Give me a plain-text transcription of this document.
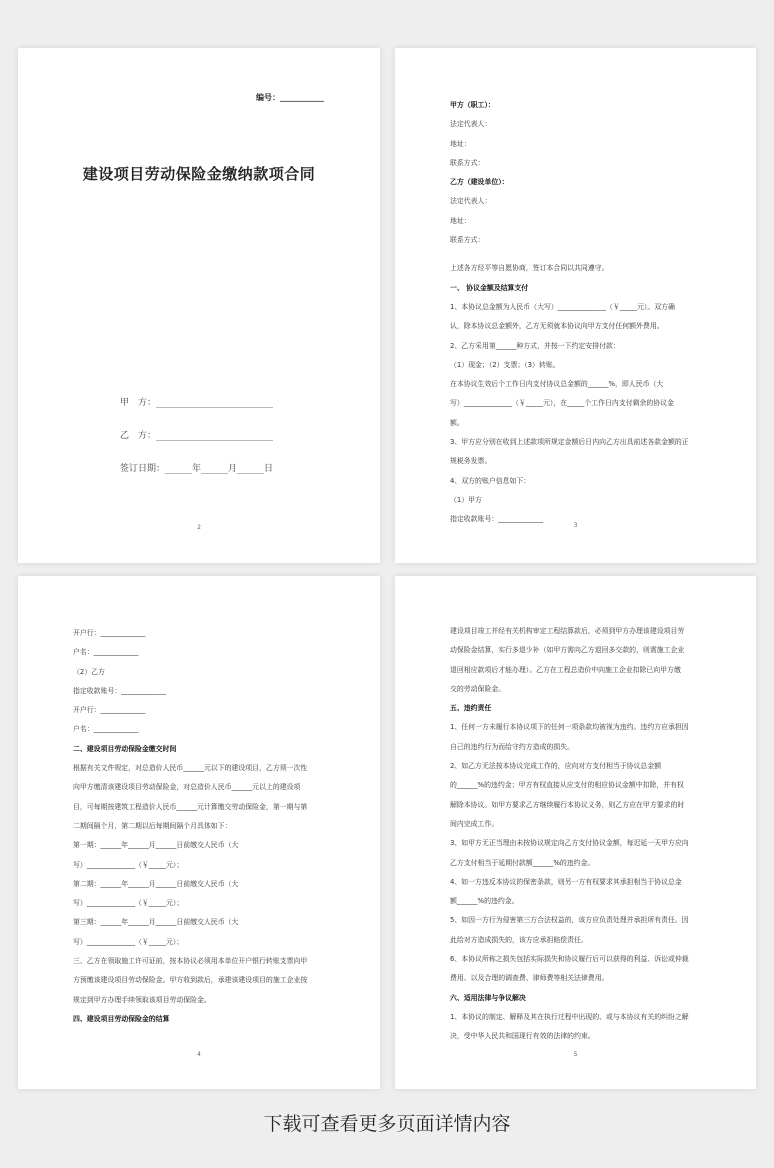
编号：___________
建设项目劳动保险金缴纳款项合同
甲　方：__________________________
乙　方：__________________________
签订日期：______年______月______日
2
甲方（职工）：
法定代表人：
地址：
联系方式：
乙方（建设单位）：
法定代表人：
地址：
联系方式：
上述各方经平等自愿协商，签订本合同以共同遵守。
一、 协议金额及结算支付
1、本协议总金额为人民币（大写）______________（￥_____元）。双方确
认，除本协议总金额外，乙方无须就本协议向甲方支付任何额外费用。
2、乙方采用第______种方式，并按一下约定安排付款：
（1）现金；（2）支票；（3）转账。
在本协议生效后个工作日内支付协议总金额的______%，即人民币（大
写）______________（￥_____元），在_____个工作日内支付剩余的协议金
额。
3、甲方应分别在收到上述款项所规定金额后日内向乙方出具前述各款金额的正
规税务发票。
4、双方的账户信息如下：
（1）甲方
指定收款账号：_____________
3
开户行：_____________
户名：_____________
（2）乙方
指定收款账号：_____________
开户行：_____________
户名：_____________
二、建设项目劳动保险金缴交时间
根据有关文件规定，对总造价人民币______元以下的建设项目，乙方须一次性
向甲方缴清该建设项目劳动保险金，对总造价人民币______元以上的建设项
目，可每期按建筑工程造价人民币______元计算缴交劳动保险金，第一期与第
二期间隔个月，第二期以后每期间隔个月具体如下：
第一期：______年______月______日前缴交人民币（大
写）______________（￥_____元）；
第二期：______年______月______日前缴交人民币（大
写）______________（￥_____元）；
第三期：______年______月______日前缴交人民币（大
写）______________（￥_____元）；
三、乙方在领取施工许可证前，按本协议必须用本单位开户银行转账支票向甲
方预缴该建设项目劳动保险金。甲方收到款后，承建该建设项目的施工企业按
规定到甲方办理手续领取该项目劳动保险金。
四、建设项目劳动保险金的结算
4
建设项目竣工并经有关机构审定工程结算款后，必须到甲方办理该建设项目劳
动保险金结算，实行多退少补（如甲方需向乙方退回多交款的，则需施工企业
退回相应款项后才能办理）。乙方在工程总造价中向施工企业扣除已向甲方缴
交的劳动保险金。
五、违约责任
1、任何一方未履行本协议项下的任何一项条款均被视为违约。违约方应承担因
自己的违约行为而给守约方造成的损失。
2、如乙方无法按本协议完成工作的，应向对方支付相当于协议总金额
的______%的违约金；甲方有权直接从应支付的相应协议金额中扣除，并有权
解除本协议。如甲方要求乙方继续履行本协议义务，则乙方应在甲方要求的时
间内完成工作。
3、如甲方无正当理由未按协议规定向乙方支付协议金额，每迟延一天甲方应向
乙方支付相当于延期付款额______%的违约金。
4、如一方违反本协议的保密条款，则另一方有权要求其承担相当于协议总金
额______%的违约金。
5、如因一方行为侵害第三方合法权益的，该方应负责处理并承担所有责任。因
此给对方造成损失的，该方应承担赔偿责任。
6、本协议所称之损失包括实际损失和协议履行后可以获得的利益、诉讼或仲裁
费用、以及合理的调查费、律师费等相关法律费用。
六、适用法律与争议解决
1、本协议的制定、解释及其在执行过程中出现的、或与本协议有关的纠纷之解
决，受中华人民共和国现行有效的法律的约束。
5
下载可查看更多页面详情内容
